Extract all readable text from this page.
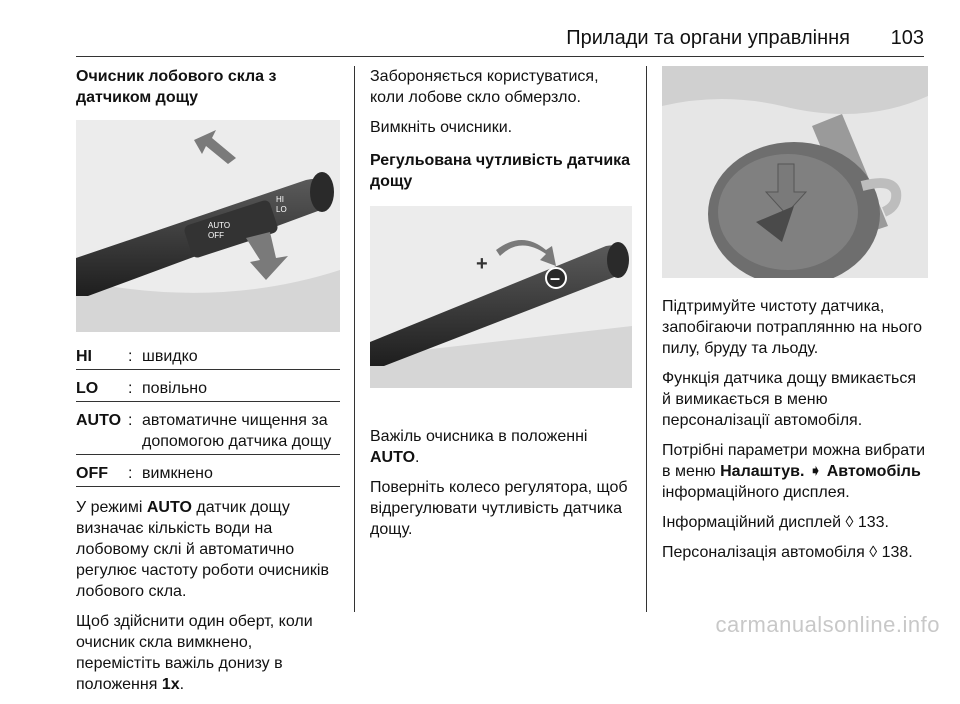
Прилади та органи управління 103
Очисник лобового скла з датчиком дощу
HI
LO
AUTO
OFF
HI	: швидко
LO	: повільно
AUTO : автоматичне чищення за допомогою датчика дощу
OFF	: вимкнено

У режимі AUTO датчик дощу визначає кількість води на лобовому склі й автоматично регулює частоту роботи очисників лобового скла.

Щоб здійснити один оберт, коли очисник скла вимкнено, перемістіть важіль донизу в положення 1x.

Забороняється користуватися, коли лобове скло обмерзло.

Вимкніть очисники.

Регульована чутливість датчика дощу
+
–

Важіль очисника в положенні AUTO.

Поверніть колесо регулятора, щоб відрегулювати чутливість датчика дощу.

Підтримуйте чистоту датчика, запобігаючи потраплянню на нього пилу, бруду та льоду.

Функція датчика дощу вмикається й вимикається в меню персоналізації автомобіля.

Потрібні параметри можна вибрати в меню Налаштув. ➧ Автомобіль інформаційного дисплея.

Інформаційний дисплей ◊ 133.

Персоналізація автомобіля ◊ 138.

carmanualsonline.info
